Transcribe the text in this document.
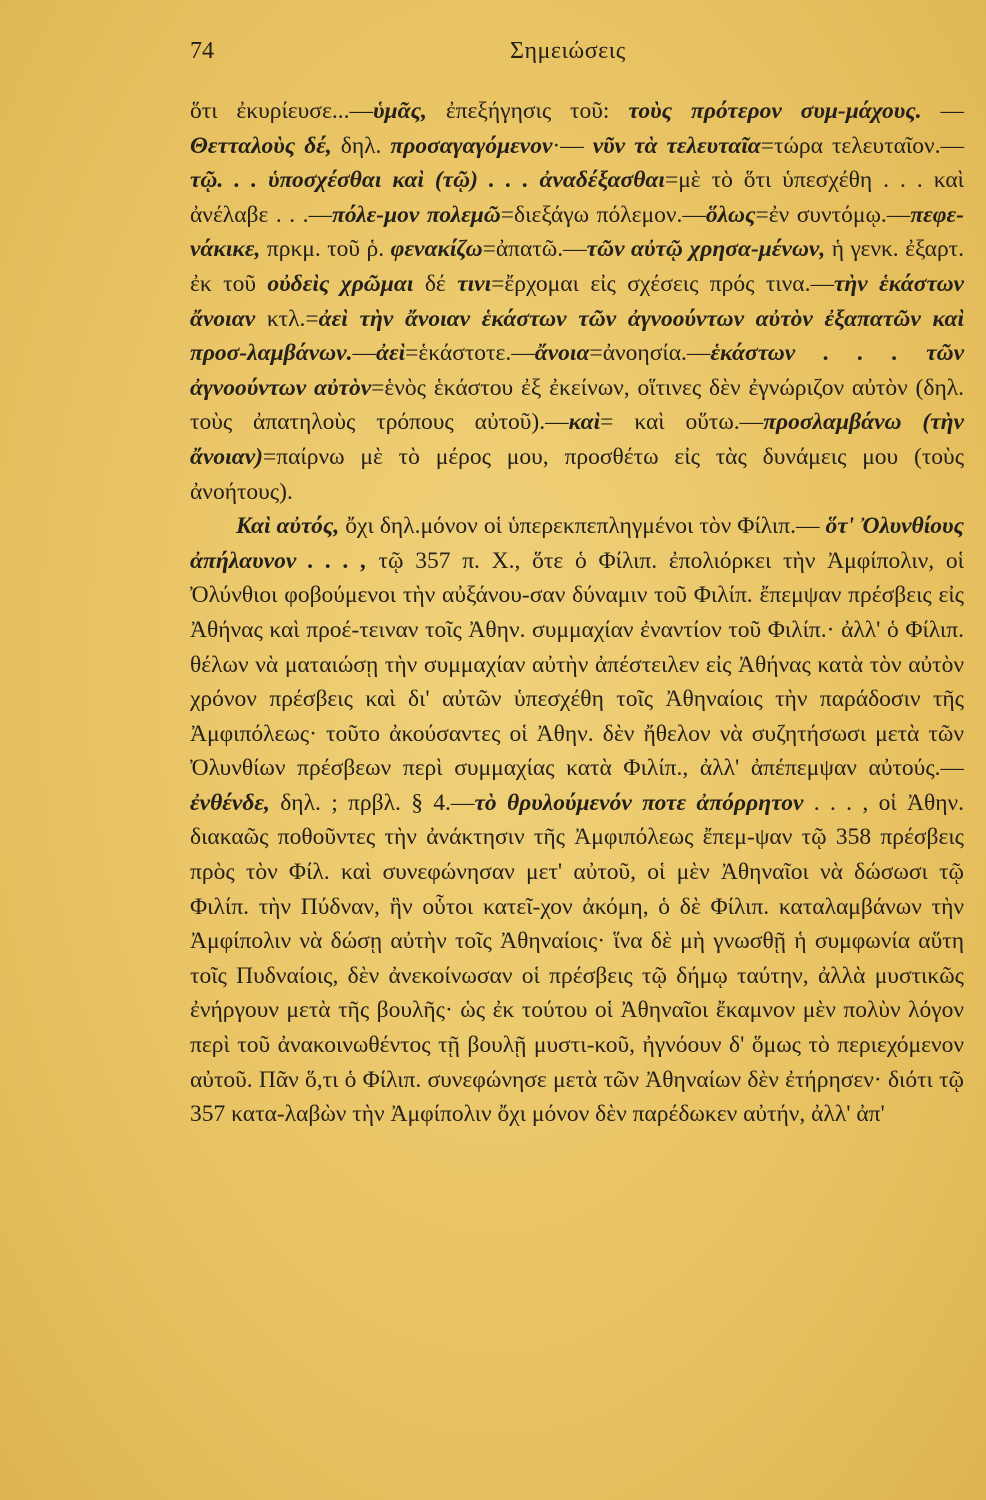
74	Σημειώσεις

ὅτι ἐκυρίευσε...—ὑμᾶς, ἐπεξήγησις τοῦ: τοὺς πρότερον συμ-μάχους. — Θετταλοὺς δέ, δηλ. προσαγαγόμενον·— νῦν τὰ τελευταῖα=τώρα τελευταῖον.—τῷ. . . ὑποσχέσθαι καὶ (τῷ) . . . ἀναδέξασθαι=μὲ τὸ ὅτι ὑπεσχέθη . . . καὶ ἀνέλαβε . . .—πόλε-μον πολεμῶ=διεξάγω πόλεμον.—ὅλως=ἐν συντόμῳ.—πεφε-νάκικε, πρκμ. τοῦ ῥ. φενακίζω=ἀπατῶ.—τῶν αὐτῷ χρησα-μένων, ἡ γενκ. ἐξαρτ. ἐκ τοῦ οὐδεὶς χρῶμαι δέ τινι=ἔρχομαι εἰς σχέσεις πρός τινα.—τὴν ἑκάστων ἄνοιαν κτλ.=ἀεὶ τὴν ἄνοιαν ἑκάστων τῶν ἀγνοούντων αὐτὸν ἐξαπατῶν καὶ προσ-λαμβάνων.—ἀεὶ=ἑκάστοτε.—ἄνοια=ἀνοησία.—ἑκάστων . . . τῶν ἀγνοούντων αὐτὸν=ἑνὸς ἑκάστου ἐξ ἐκείνων, οἵτινες δὲν ἐγνώριζον αὐτὸν (δηλ. τοὺς ἀπατηλοὺς τρόπους αὐτοῦ).—καὶ= καὶ οὕτω.—προσλαμβάνω (τὴν ἄνοιαν)=παίρνω μὲ τὸ μέρος μου, προσθέτω εἰς τὰς δυνάμεις μου (τοὺς ἀνοήτους).

Καὶ αὐτός, ὄχι δηλ.μόνον οἱ ὑπερεκπεπληγμένοι τὸν Φίλιπ.— ὅτ' Ὀλυνθίους ἀπήλαυνον . . . , τῷ 357 π. Χ., ὅτε ὁ Φίλιπ. ἐπολιόρκει τὴν Ἀμφίπολιν, οἱ Ὀλύνθιοι φοβούμενοι τὴν αὐξάνου-σαν δύναμιν τοῦ Φιλίπ. ἔπεμψαν πρέσβεις εἰς Ἀθήνας καὶ προέ-τειναν τοῖς Ἀθην. συμμαχίαν ἐναντίον τοῦ Φιλίπ.· ἀλλ' ὁ Φίλιπ. θέλων νὰ ματαιώσῃ τὴν συμμαχίαν αὐτὴν ἀπέστειλεν εἰς Ἀθήνας κατὰ τὸν αὐτὸν χρόνον πρέσβεις καὶ δι' αὐτῶν ὑπεσχέθη τοῖς Ἀθηναίοις τὴν παράδοσιν τῆς Ἀμφιπόλεως· τοῦτο ἀκούσαντες οἱ Ἀθην. δὲν ἤθελον νὰ συζητήσωσι μετὰ τῶν Ὀλυνθίων πρέσβεων περὶ συμμαχίας κατὰ Φιλίπ., ἀλλ' ἀπέπεμψαν αὐτούς.— ἐνθένδε, δηλ. ; πρβλ. § 4.—τὸ θρυλούμενόν ποτε ἀπόρρητον . . . , οἱ Ἀθην. διακαῶς ποθοῦντες τὴν ἀνάκτησιν τῆς Ἀμφιπόλεως ἔπεμ-ψαν τῷ 358 πρέσβεις πρὸς τὸν Φίλ. καὶ συνεφώνησαν μετ' αὐτοῦ, οἱ μὲν Ἀθηναῖοι νὰ δώσωσι τῷ Φιλίπ. τὴν Πύδναν, ἣν οὗτοι κατεῖ-χον ἀκόμη, ὁ δὲ Φίλιπ. καταλαμβάνων τὴν Ἀμφίπολιν νὰ δώσῃ αὐτὴν τοῖς Ἀθηναίοις· ἵνα δὲ μὴ γνωσθῇ ἡ συμφωνία αὕτη τοῖς Πυδναίοις, δὲν ἀνεκοίνωσαν οἱ πρέσβεις τῷ δήμῳ ταύτην, ἀλλὰ μυστικῶς ἐνήργουν μετὰ τῆς βουλῆς· ὡς ἐκ τούτου οἱ Ἀθηναῖοι ἔκαμνον μὲν πολὺν λόγον περὶ τοῦ ἀνακοινωθέντος τῇ βουλῇ μυστι-κοῦ, ἠγνόουν δ' ὅμως τὸ περιεχόμενον αὐτοῦ. Πᾶν ὅ,τι ὁ Φίλιπ. συνεφώνησε μετὰ τῶν Ἀθηναίων δὲν ἐτήρησεν· διότι τῷ 357 κατα-λαβὼν τὴν Ἀμφίπολιν ὄχι μόνον δὲν παρέδωκεν αὐτήν, ἀλλ' ἀπ'
